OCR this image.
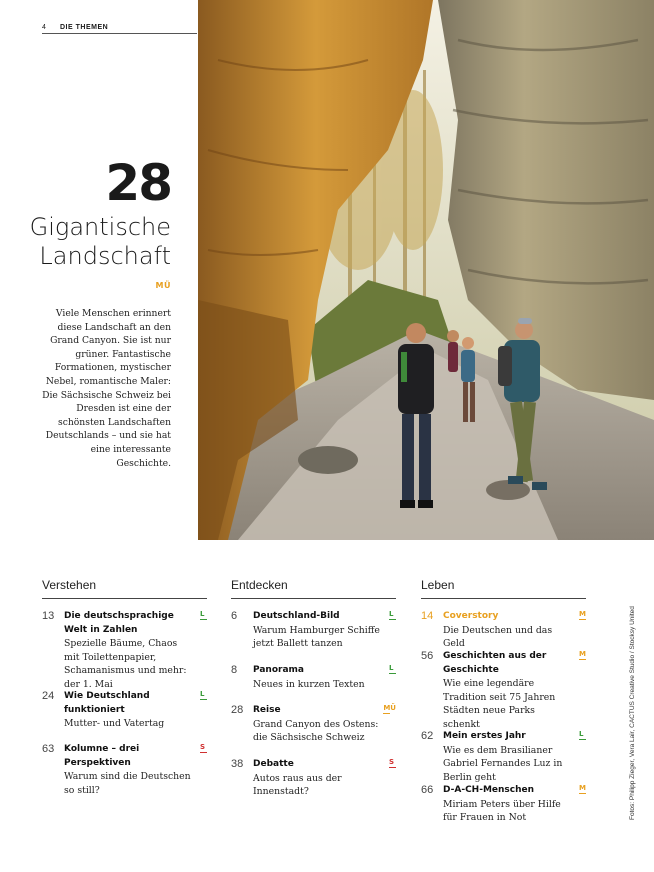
4 DIE THEMEN
28
Gigantische
Landschaft
MÜ
Viele Menschen erinnert diese Landschaft an den Grand Canyon. Sie ist nur grüner. Fantastische Formationen, mystischer Nebel, romantische Maler: Die Sächsische Schweiz bei Dresden ist eine der schönsten Landschaften Deutschlands – und sie hat eine interessante Geschichte.
Verstehen
13 Die deutschsprachige Welt in Zahlen
Spezielle Bäume, Chaos mit Toilettenpapier, Schamanismus und mehr: der 1. Mai
L
24 Wie Deutschland funktioniert
Mutter- und Vatertag
L
63 Kolumne – drei Perspektiven
Warum sind die Deutschen so still?
S
Entdecken
6 Deutschland-Bild
Warum Hamburger Schiffe jetzt Ballett tanzen
L
8 Panorama
Neues in kurzen Texten
L
28 Reise
Grand Canyon des Ostens: die Sächsische Schweiz
MÜ
38 Debatte
Autos raus aus der Innenstadt?
S
Leben
14 Coverstory
Die Deutschen und das Geld
M
56 Geschichten aus der Geschichte
Wie eine legendäre Tradition seit 75 Jahren Städten neue Parks schenkt
M
62 Mein erstes Jahr
Wie es dem Brasilianer Gabriel Fernandes Luz in Berlin geht
L
66 D-A-CH-Menschen
Miriam Peters über Hilfe für Frauen in Not
M	Fotos: Philipp Zieger, Vera Lair, CACTUS Creative Studio / Stocksy United
